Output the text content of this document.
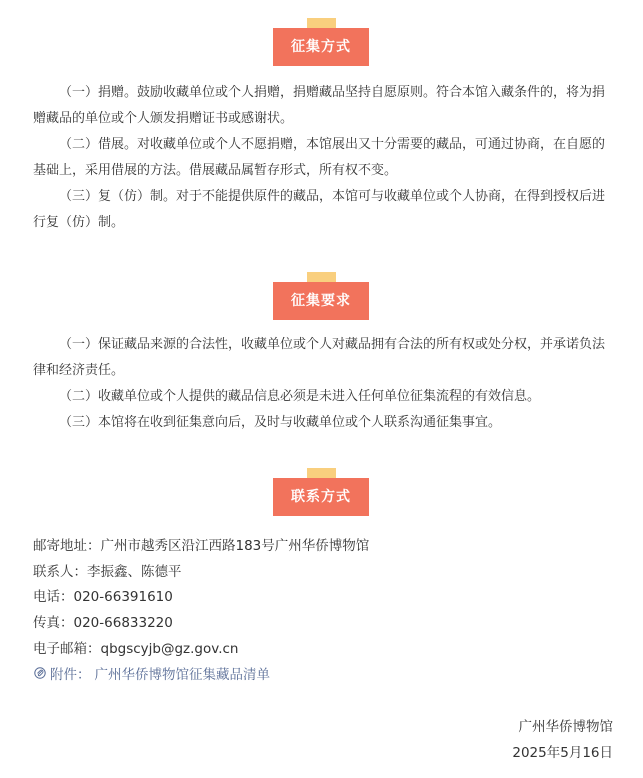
征集方式

（一）捐赠。鼓励收藏单位或个人捐赠，捐赠藏品坚持自愿原则。符合本馆入藏条件的，将为捐赠藏品的单位或个人颁发捐赠证书或感谢状。

（二）借展。对收藏单位或个人不愿捐赠，本馆展出又十分需要的藏品，可通过协商，在自愿的基础上，采用借展的方法。借展藏品属暂存形式，所有权不变。

（三）复（仿）制。对于不能提供原件的藏品，本馆可与收藏单位或个人协商，在得到授权后进行复（仿）制。

征集要求

（一）保证藏品来源的合法性，收藏单位或个人对藏品拥有合法的所有权或处分权，并承诺负法律和经济责任。

（二）收藏单位或个人提供的藏品信息必须是未进入任何单位征集流程的有效信息。

（三）本馆将在收到征集意向后，及时与收藏单位或个人联系沟通征集事宜。

联系方式
邮寄地址：广州市越秀区沿江西路183号广州华侨博物馆
联系人：李振鑫、陈德平
电话：020-66391610
传真：020-66833220
电子邮箱：qbgscyjb@gz.gov.cn
附件： 广州华侨博物馆征集藏品清单
广州华侨博物馆
2025年5月16日
